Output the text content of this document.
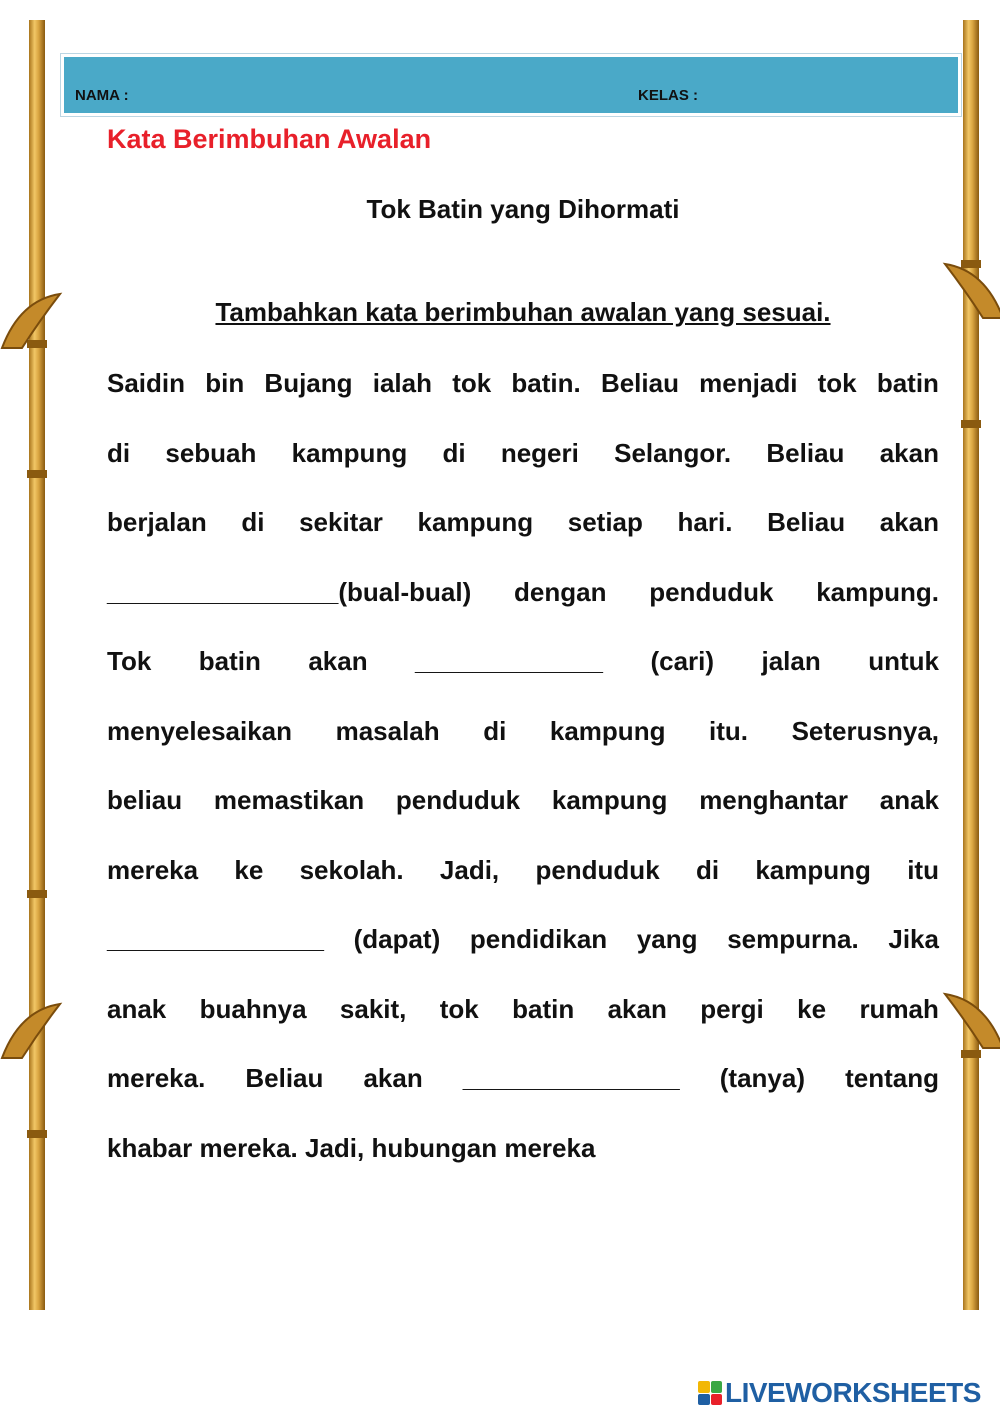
NAMA :	KELAS :
Kata Berimbuhan Awalan
Tok Batin yang Dihormati
Tambahkan kata berimbuhan awalan yang sesuai.
Saidin bin Bujang ialah tok batin. Beliau menjadi tok batin
di sebuah kampung di negeri Selangor. Beliau akan
berjalan di sekitar kampung setiap hari. Beliau akan
________________(bual-bual) dengan penduduk kampung.
Tok batin akan _____________ (cari) jalan untuk
menyelesaikan masalah di kampung itu. Seterusnya,
beliau memastikan penduduk kampung menghantar anak
mereka ke sekolah. Jadi, penduduk di kampung itu
_______________ (dapat) pendidikan yang sempurna. Jika
anak buahnya sakit, tok batin akan pergi ke rumah
mereka. Beliau akan _______________ (tanya) tentang
khabar mereka. Jadi, hubungan mereka
LIVEWORKSHEETS
